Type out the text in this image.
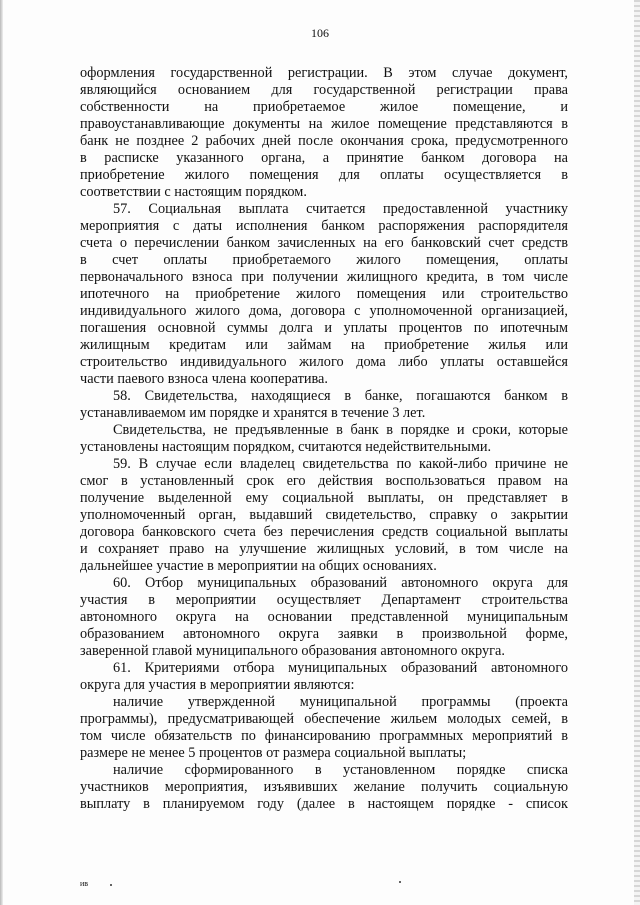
106
оформления государственной регистрации. В этом случае документ,
являющийся основанием для государственной регистрации права
собственности на приобретаемое жилое помещение, и
правоустанавливающие документы на жилое помещение представляются в
банк не позднее 2 рабочих дней после окончания срока, предусмотренного
в расписке указанного органа, а принятие банком договора на
приобретение жилого помещения для оплаты осуществляется в
соответствии с настоящим порядком.
57. Социальная выплата считается предоставленной участнику
мероприятия с даты исполнения банком распоряжения распорядителя
счета о перечислении банком зачисленных на его банковский счет средств
в счет оплаты приобретаемого жилого помещения, оплаты
первоначального взноса при получении жилищного кредита, в том числе
ипотечного на приобретение жилого помещения или строительство
индивидуального жилого дома, договора с уполномоченной организацией,
погашения основной суммы долга и уплаты процентов по ипотечным
жилищным кредитам или займам на приобретение жилья или
строительство индивидуального жилого дома либо уплаты оставшейся
части паевого взноса члена кооператива.
58. Свидетельства, находящиеся в банке, погашаются банком в
устанавливаемом им порядке и хранятся в течение 3 лет.
Свидетельства, не предъявленные в банк в порядке и сроки, которые
установлены настоящим порядком, считаются недействительными.
59. В случае если владелец свидетельства по какой-либо причине не
смог в установленный срок его действия воспользоваться правом на
получение выделенной ему социальной выплаты, он представляет в
уполномоченный орган, выдавший свидетельство, справку о закрытии
договора банковского счета без перечисления средств социальной выплаты
и сохраняет право на улучшение жилищных условий, в том числе на
дальнейшее участие в мероприятии на общих основаниях.
60. Отбор муниципальных образований автономного округа для
участия в мероприятии осуществляет Департамент строительства
автономного округа на основании представленной муниципальным
образованием автономного округа заявки в произвольной форме,
заверенной главой муниципального образования автономного округа.
61. Критериями отбора муниципальных образований автономного
округа для участия в мероприятии являются:
наличие утвержденной муниципальной программы (проекта
программы), предусматривающей обеспечение жильем молодых семей, в
том числе обязательств по финансированию программных мероприятий в
размере не менее 5 процентов от размера социальной выплаты;
наличие сформированного в установленном порядке списка
участников мероприятия, изъявивших желание получить социальную
выплату в планируемом году (далее в настоящем порядке - список
ив
